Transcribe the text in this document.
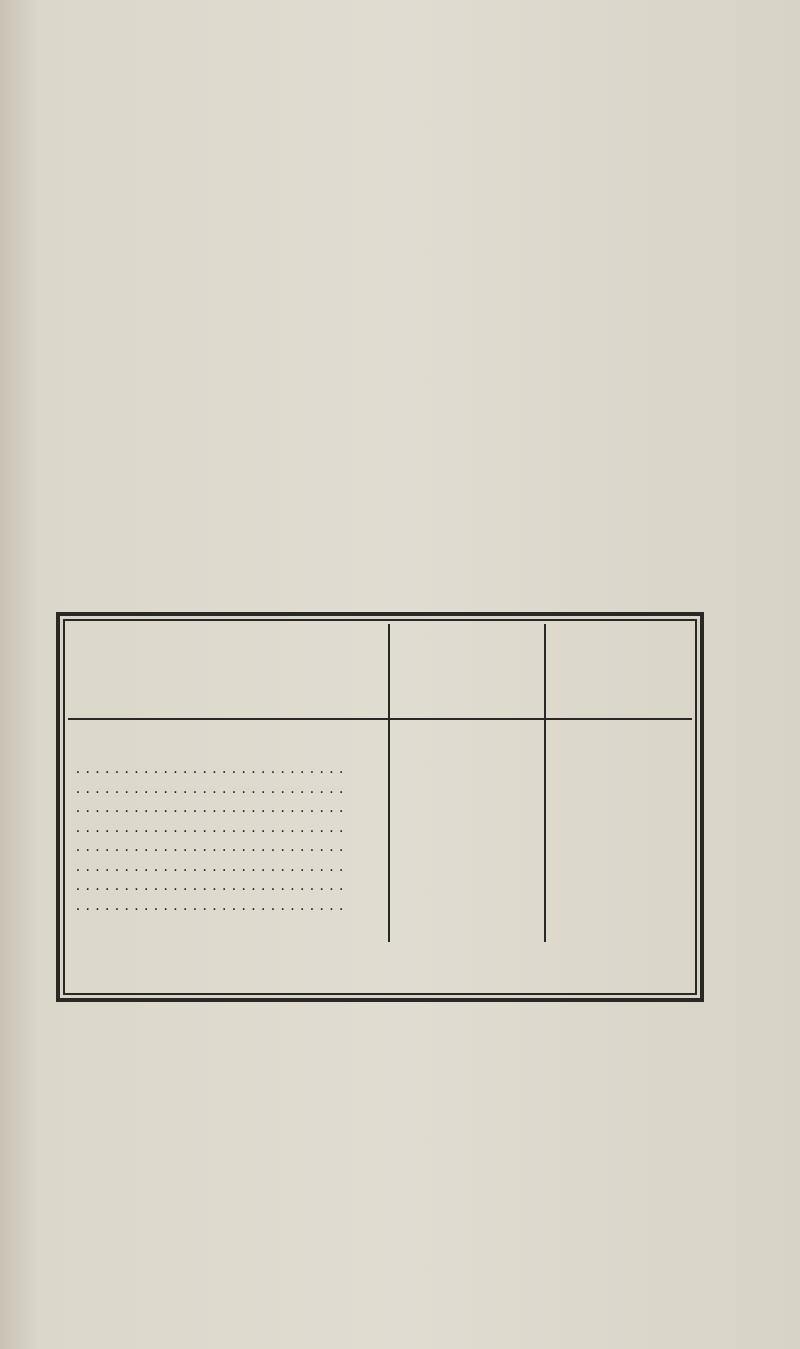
. . .
. . .
. . .
. . .
. . .
. . .
. . .
. . .
